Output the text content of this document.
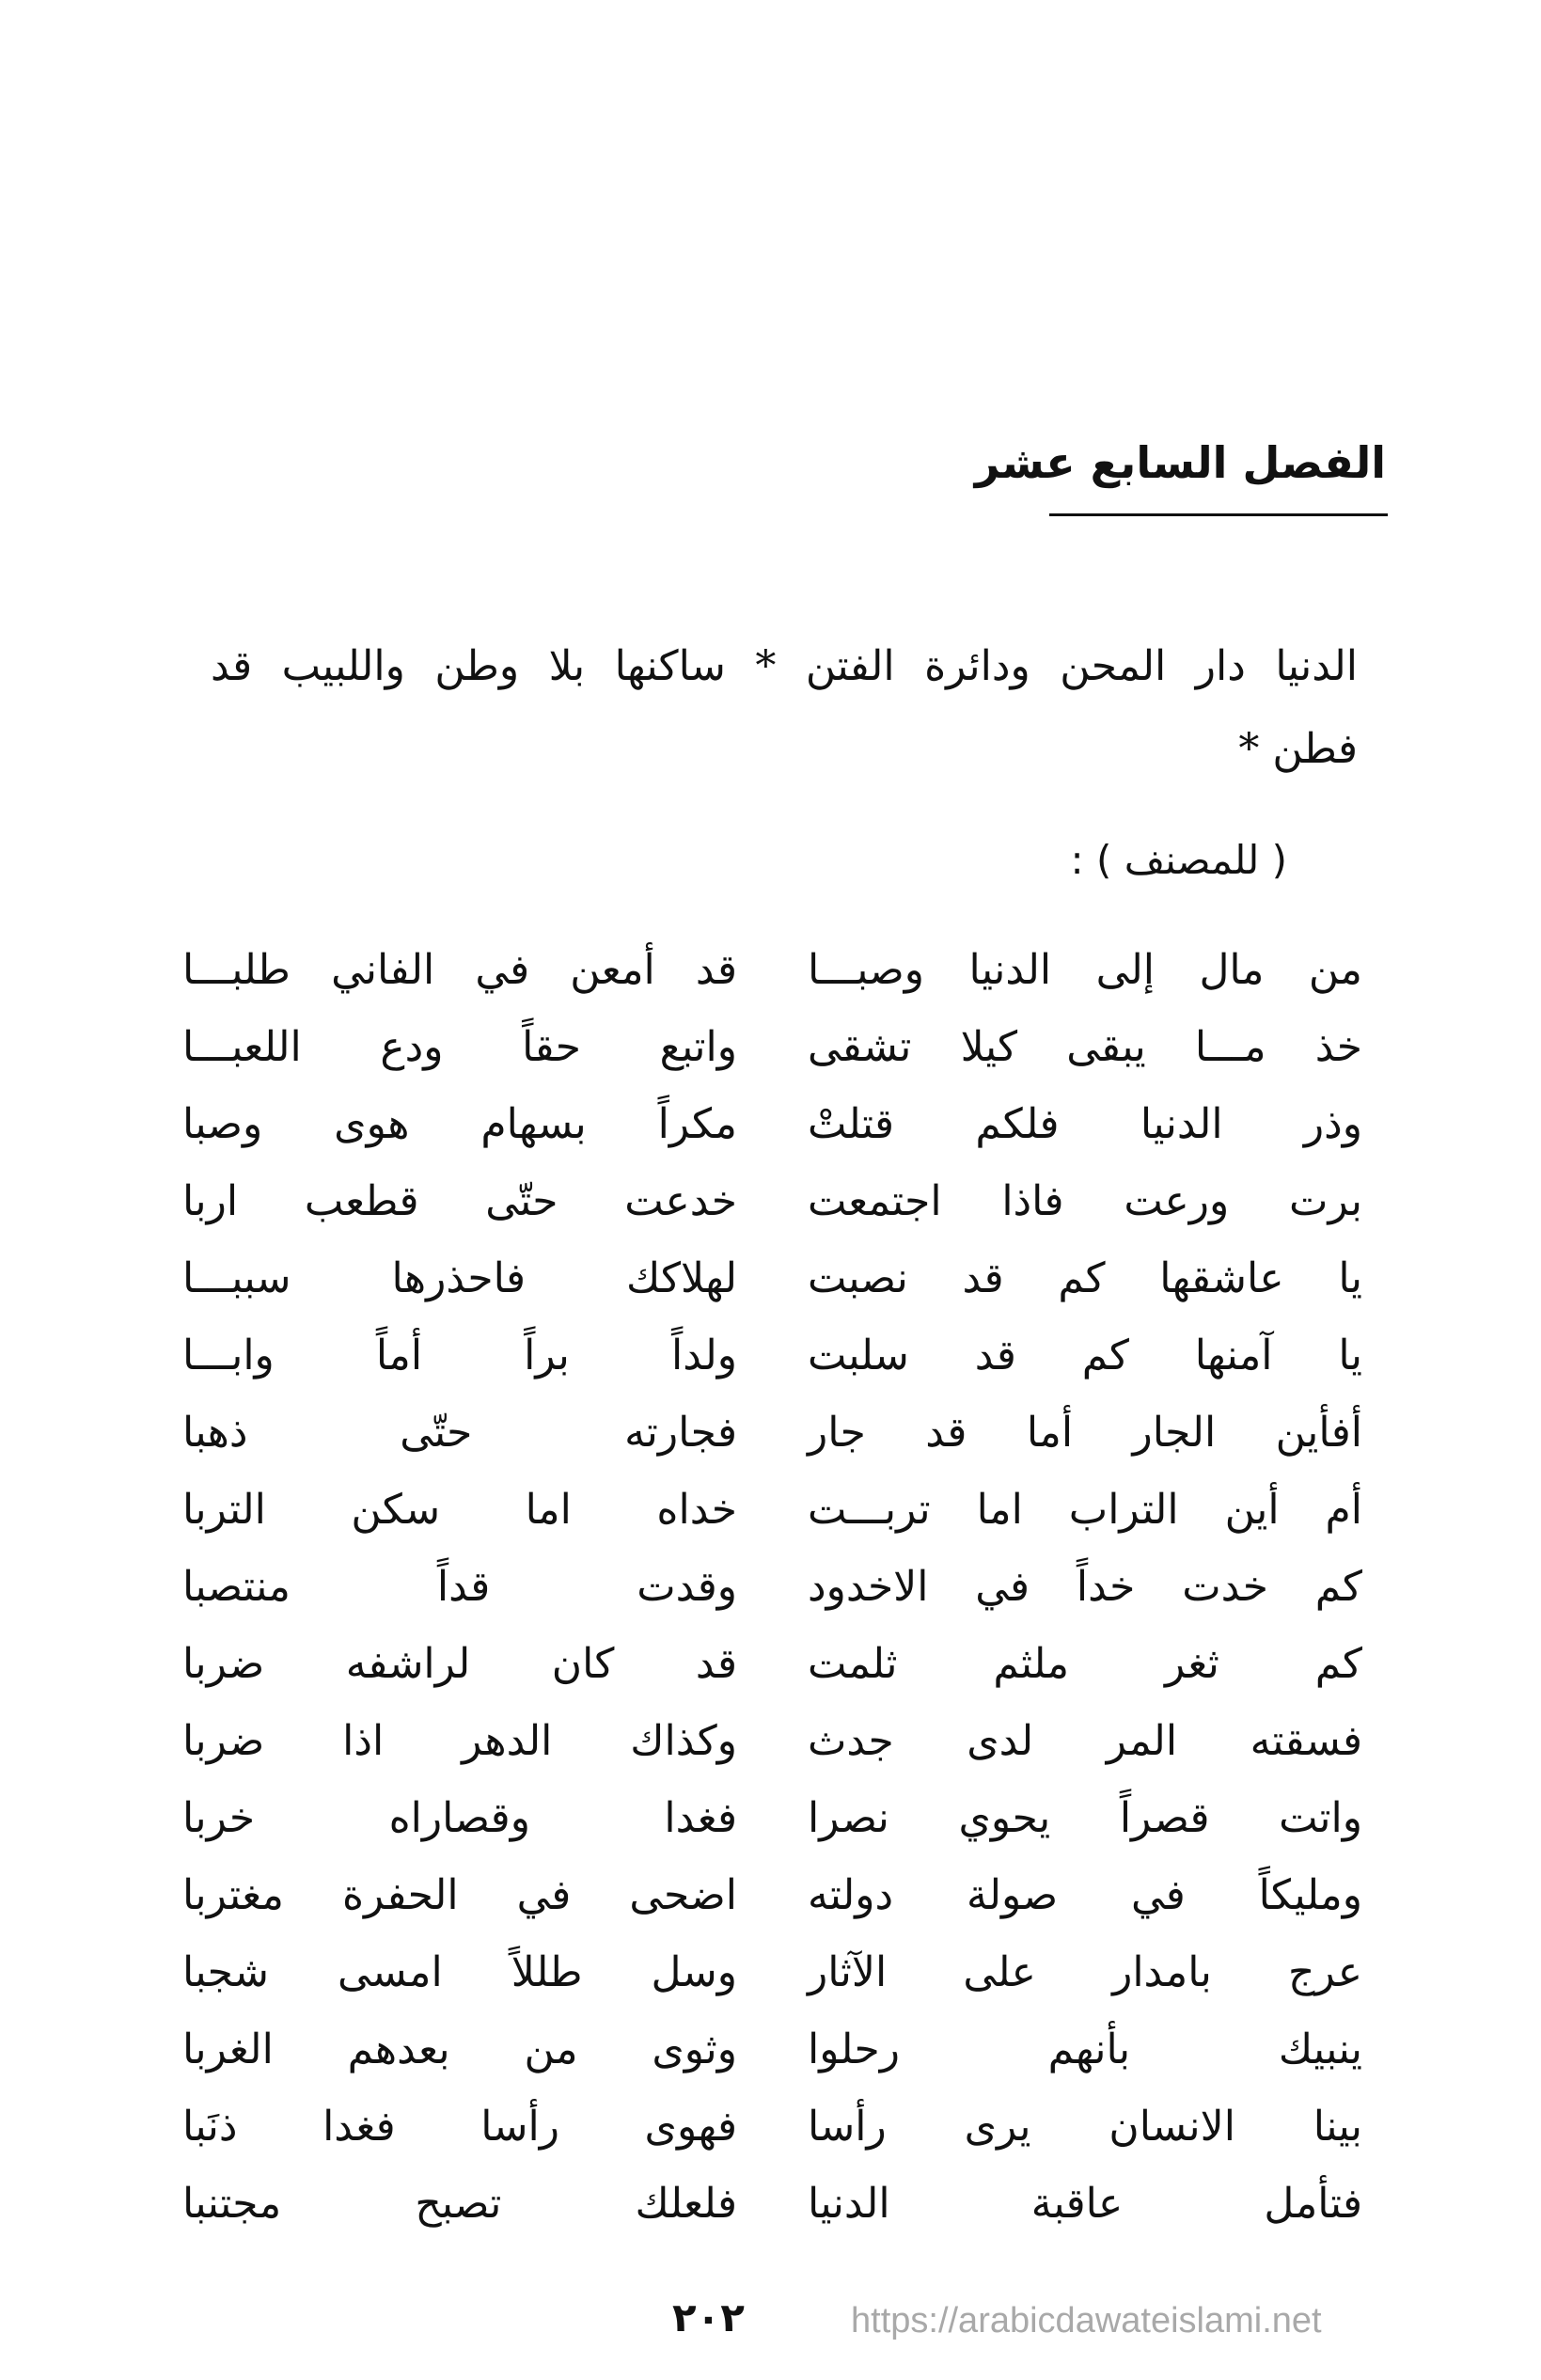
الفصل السابع عشر
الدنيا دار المحن ودائرة الفتن * ساكنها بلا وطن واللبيب قد
فطن *
( للمصنف ) :
من مال إلى الدنيا وصبـــا
قد أمعن في الفاني طلبـــا
خذ مـــا يبقى كيلا تشقى
واتبع حقاً ودع اللعبـــا
وذر الدنيا فلكم قتلتْ
مكراً بسهام هوى وصبا
برت ورعت فاذا اجتمعت
خدعت حتّى قطعب اربا
يا عاشقها كم قد نصبت
لهلاكك فاحذرها سببـــا
يا آمنها كم قد سلبت
ولداً براً أماً وابـــا
أفأين الجار أما قد جار
فجارته حتّى ذهبا
أم أين التراب اما تربـــت
خداه اما سكن التربا
كم خدت خداً في الاخدود
وقدت قداً منتصبا
كم ثغر ملثم ثلمت
قد كان لراشفه ضربا
فسقته المر لدى جدث
وكذاك الدهر اذا ضربا
واتت قصراً يحوي نصرا
فغدا وقصاراه خربا
ومليكاً في صولة دولته
اضحى في الحفرة مغتربا
عرج بامدار على الآثار
وسل طللاً امسى شجبا
ينبيك بأنهم رحلوا
وثوى من بعدهم الغربا
بينا الانسان يرى رأسا
فهوى رأسا فغدا ذنَبا
فتأمل عاقبة الدنيا
فلعلك تصبح مجتنبا
٢٠٢	https://arabicdawateislami.net
